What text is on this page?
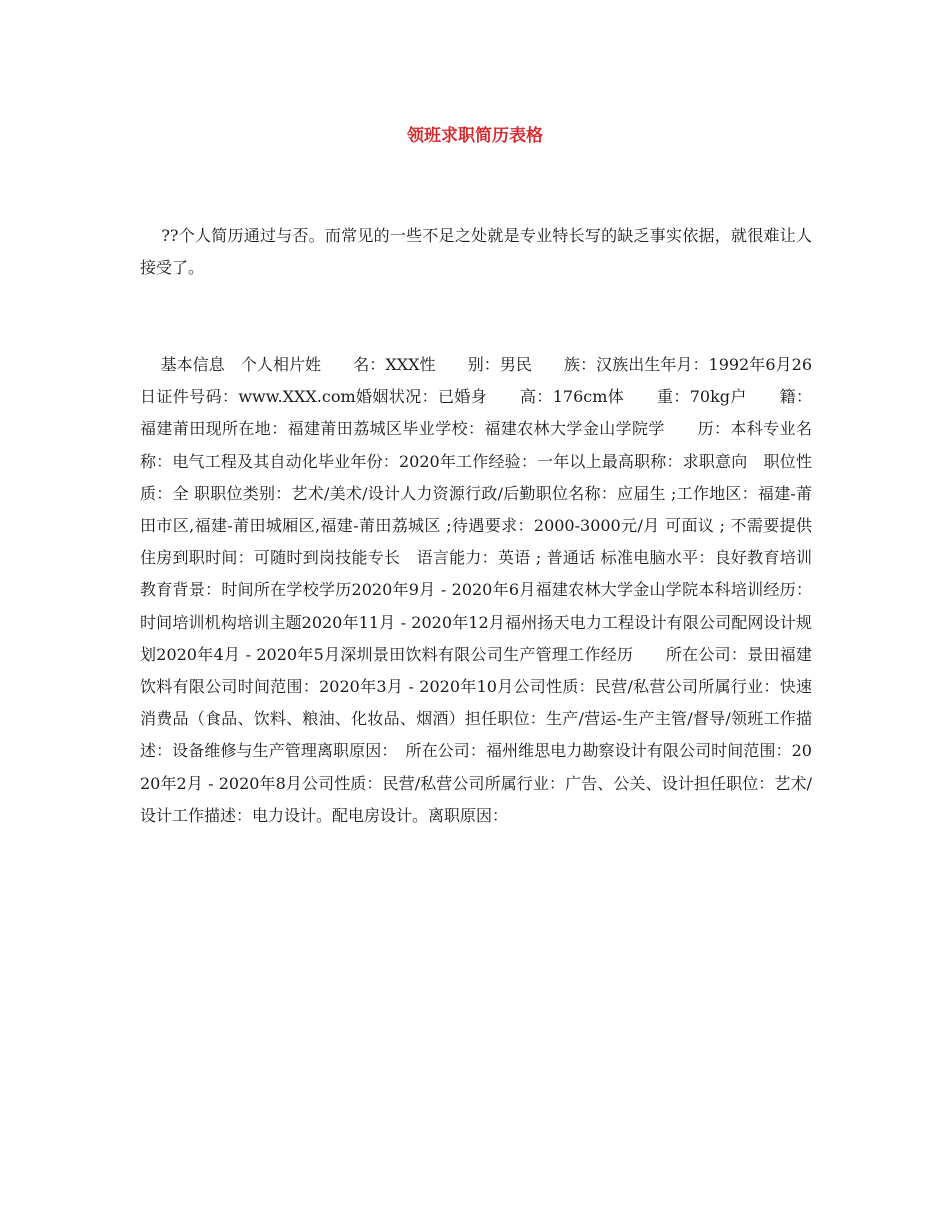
领班求职简历表格

??个人简历通过与否。而常见的一些不足之处就是专业特长写的缺乏事实依据，就很难让人接受了。

基本信息　个人相片姓　　名：XXX性　　别：男民　　族：汉族出生年月：1992年6月26日证件号码：www.XXX.com婚姻状况：已婚身　　高：176cm体　　重：70kg户　　籍：福建莆田现所在地：福建莆田荔城区毕业学校：福建农林大学金山学院学　　历：本科专业名称：电气工程及其自动化毕业年份：2020年工作经验：一年以上最高职称：求职意向　职位性质：全 职职位类别：艺术/美术/设计人力资源行政/后勤职位名称：应届生 ;工作地区：福建-莆田市区,福建-莆田城厢区,福建-莆田荔城区 ;待遇要求：2000-3000元/月 可面议 ; 不需要提供住房到职时间：可随时到岗技能专长　语言能力：英语 ; 普通话 标准电脑水平：良好教育培训　教育背景：时间所在学校学历2020年9月 - 2020年6月福建农林大学金山学院本科培训经历：时间培训机构培训主题2020年11月 - 2020年12月福州扬天电力工程设计有限公司配网设计规划2020年4月 - 2020年5月深圳景田饮料有限公司生产管理工作经历　　所在公司：景田福建饮料有限公司时间范围：2020年3月 - 2020年10月公司性质：民营/私营公司所属行业：快速消费品（食品、饮料、粮油、化妆品、烟酒）担任职位：生产/营运-生产主管/督导/领班工作描述：设备维修与生产管理离职原因：　所在公司：福州维思电力勘察设计有限公司时间范围：2020年2月 - 2020年8月公司性质：民营/私营公司所属行业：广告、公关、设计担任职位：艺术/设计工作描述：电力设计。配电房设计。离职原因：
